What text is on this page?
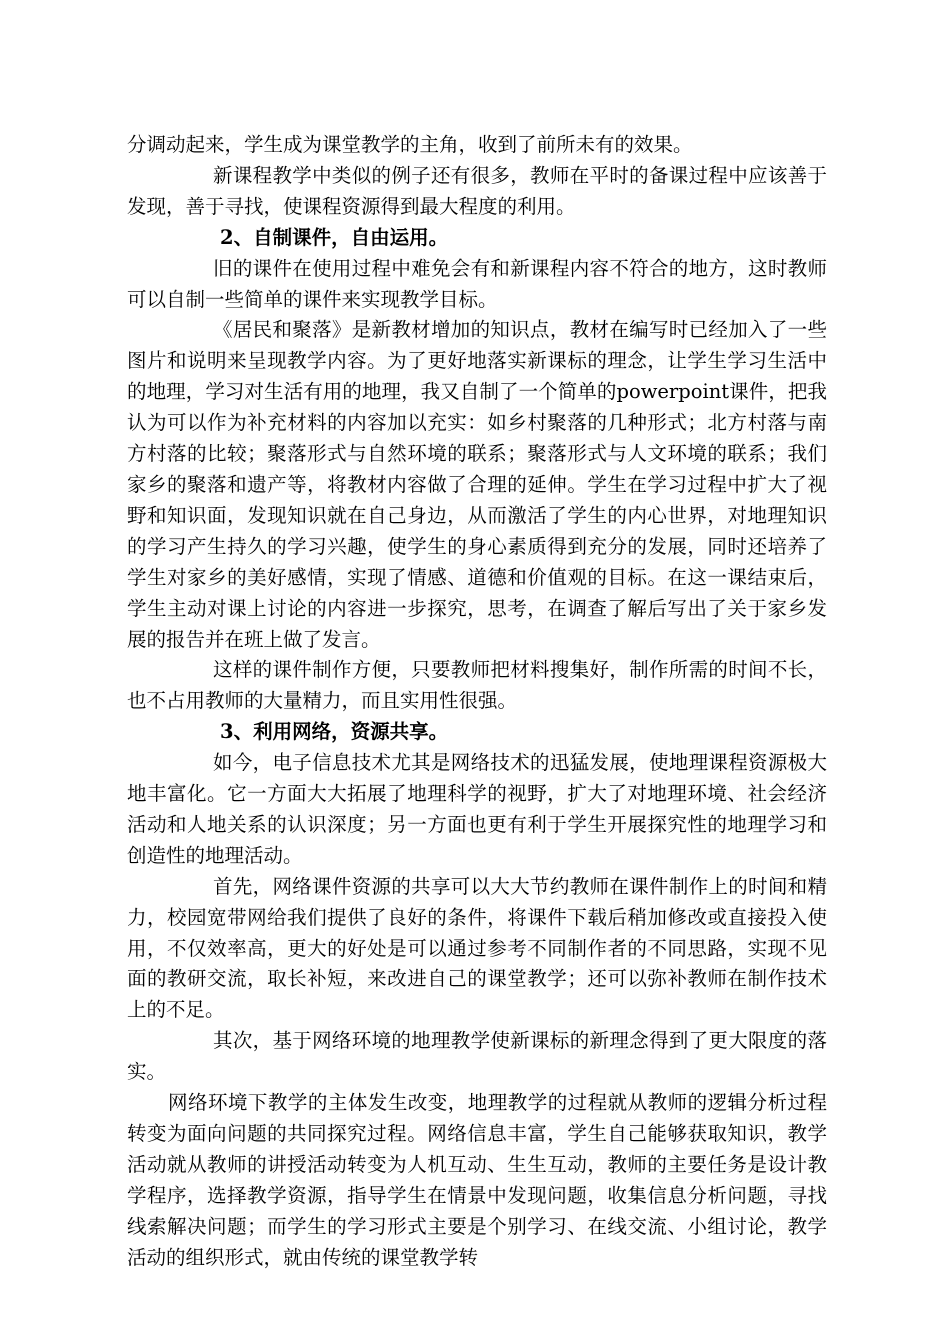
分调动起来，学生成为课堂教学的主角，收到了前所未有的效果。

新课程教学中类似的例子还有很多，教师在平时的备课过程中应该善于发现，善于寻找，使课程资源得到最大程度的利用。

2、自制课件，自由运用。

旧的课件在使用过程中难免会有和新课程内容不符合的地方，这时教师可以自制一些简单的课件来实现教学目标。

《居民和聚落》是新教材增加的知识点，教材在编写时已经加入了一些图片和说明来呈现教学内容。为了更好地落实新课标的理念，让学生学习生活中的地理，学习对生活有用的地理，我又自制了一个简单的powerpoint课件，把我认为可以作为补充材料的内容加以充实：如乡村聚落的几种形式；北方村落与南方村落的比较；聚落形式与自然环境的联系；聚落形式与人文环境的联系；我们家乡的聚落和遗产等，将教材内容做了合理的延伸。学生在学习过程中扩大了视野和知识面，发现知识就在自己身边，从而激活了学生的内心世界，对地理知识的学习产生持久的学习兴趣，使学生的身心素质得到充分的发展，同时还培养了学生对家乡的美好感情，实现了情感、道德和价值观的目标。在这一课结束后，学生主动对课上讨论的内容进一步探究，思考，在调查了解后写出了关于家乡发展的报告并在班上做了发言。

这样的课件制作方便，只要教师把材料搜集好，制作所需的时间不长，也不占用教师的大量精力，而且实用性很强。

3、利用网络，资源共享。

如今，电子信息技术尤其是网络技术的迅猛发展，使地理课程资源极大地丰富化。它一方面大大拓展了地理科学的视野，扩大了对地理环境、社会经济活动和人地关系的认识深度；另一方面也更有利于学生开展探究性的地理学习和创造性的地理活动。

首先，网络课件资源的共享可以大大节约教师在课件制作上的时间和精力，校园宽带网给我们提供了良好的条件，将课件下载后稍加修改或直接投入使用，不仅效率高，更大的好处是可以通过参考不同制作者的不同思路，实现不见面的教研交流，取长补短，来改进自己的课堂教学；还可以弥补教师在制作技术上的不足。

其次，基于网络环境的地理教学使新课标的新理念得到了更大限度的落实。

网络环境下教学的主体发生改变，地理教学的过程就从教师的逻辑分析过程转变为面向问题的共同探究过程。网络信息丰富，学生自己能够获取知识，教学活动就从教师的讲授活动转变为人机互动、生生互动，教师的主要任务是设计教学程序，选择教学资源，指导学生在情景中发现问题，收集信息分析问题，寻找线索解决问题；而学生的学习形式主要是个别学习、在线交流、小组讨论，教学活动的组织形式，就由传统的课堂教学转
